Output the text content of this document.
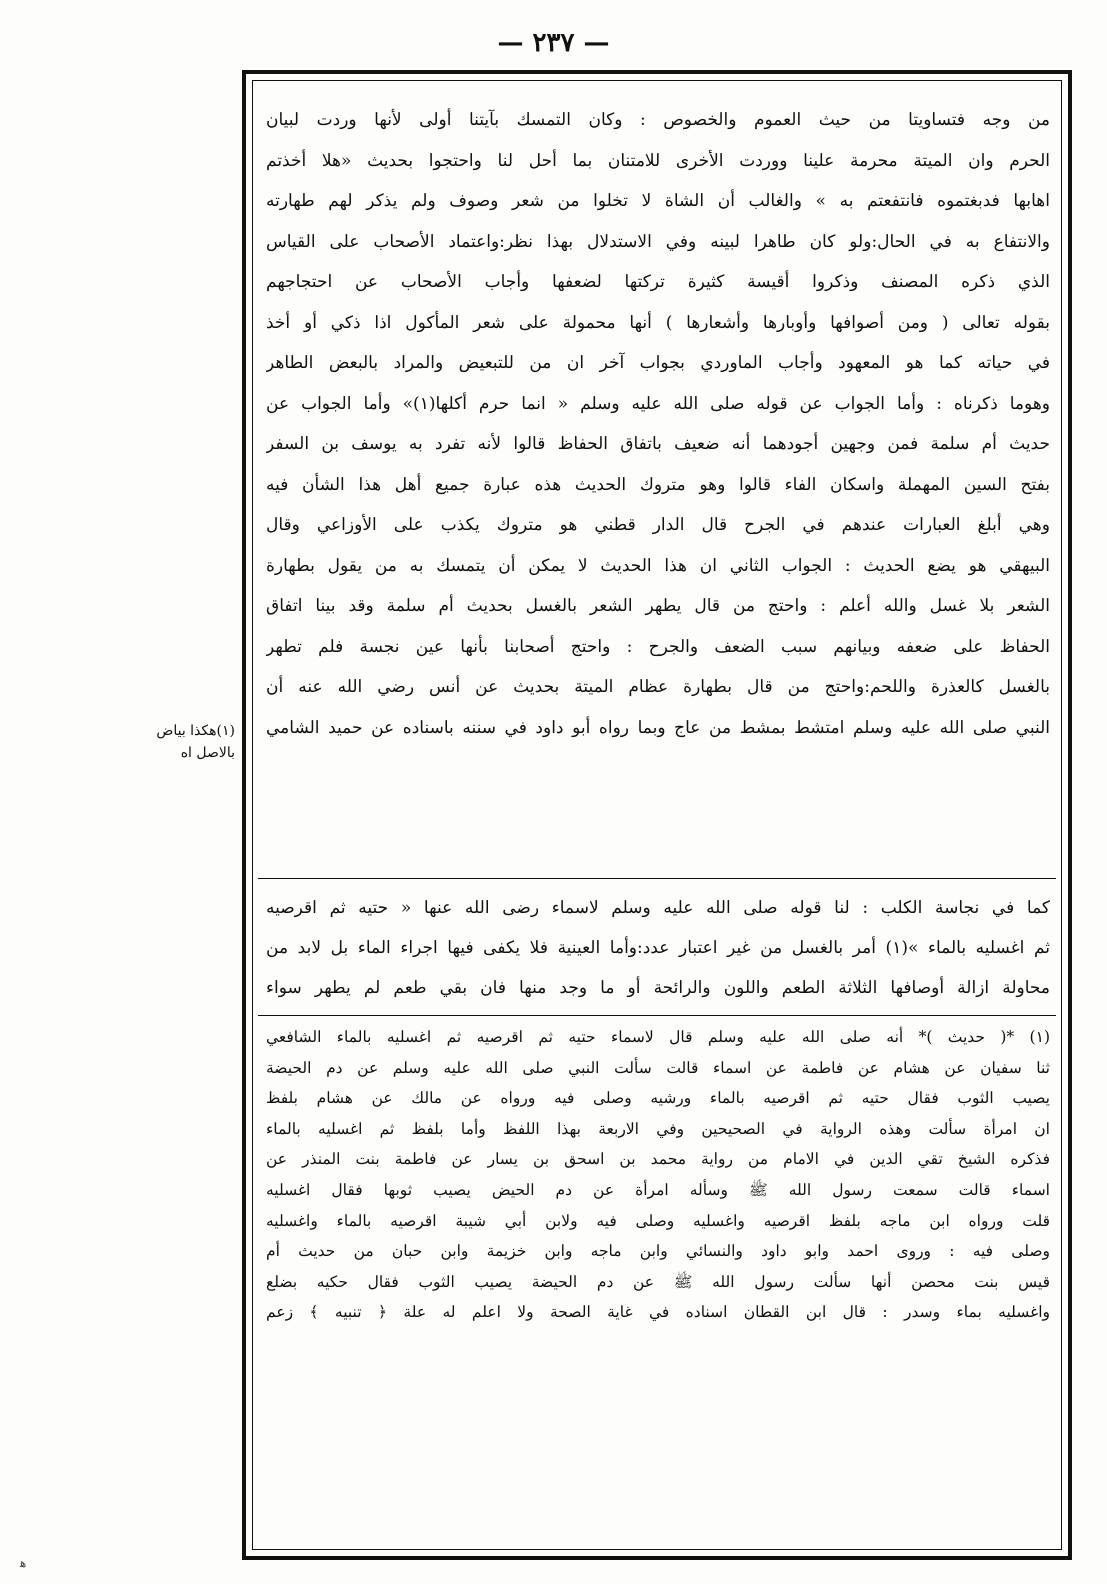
— ٢٣٧ —
من وجه فتساويتا من حيث العموم والخصوص : وكان التمسك بآيتنا أولى لأنها وردت لبيان
الحرم وان الميتة محرمة علينا ووردت الأخرى للامتنان بما أحل لنا واحتجوا بحديث «هلا أخذتم
اهابها فدبغتموه فانتفعتم به » والغالب أن الشاة لا تخلوا من شعر وصوف ولم يذكر لهم طهارته
والانتفاع به في الحال:ولو كان طاهرا لبينه وفي الاستدلال بهذا نظر:واعتماد الأصحاب على القياس
الذي ذكره المصنف وذكروا أقيسة كثيرة تركتها لضعفها وأجاب الأصحاب عن احتجاجهم
بقوله تعالى ( ومن أصوافها وأوبارها وأشعارها ) أنها محمولة على شعر المأكول اذا ذكي أو أخذ
في حياته كما هو المعهود وأجاب الماوردي بجواب آخر ان من للتبعيض والمراد بالبعض الطاهر
وهوما ذكرناه : وأما الجواب عن قوله صلى الله عليه وسلم « انما حرم أكلها(١)» وأما الجواب عن
حديث أم سلمة فمن وجهين أجودهما أنه ضعيف باتفاق الحفاظ قالوا لأنه تفرد به يوسف بن السفر
بفتح السين المهملة واسكان الفاء قالوا وهو متروك الحديث هذه عبارة جميع أهل هذا الشأن فيه
وهي أبلغ العبارات عندهم في الجرح قال الدار قطني هو متروك يكذب على الأوزاعي وقال
البيهقي هو يضع الحديث : الجواب الثاني ان هذا الحديث لا يمكن أن يتمسك به من يقول بطهارة
الشعر بلا غسل والله أعلم : واحتج من قال يطهر الشعر بالغسل بحديث أم سلمة وقد بينا اتفاق
الحفاظ على ضعفه وبيانهم سبب الضعف والجرح : واحتج أصحابنا بأنها عين نجسة فلم تطهر
بالغسل كالعذرة واللحم:واحتج من قال بطهارة عظام الميتة بحديث عن أنس رضي الله عنه أن
النبي صلى الله عليه وسلم امتشط بمشط من عاج وبما رواه أبو داود في سننه باسناده عن حميد الشامي
كما في نجاسة الكلب : لنا قوله صلى الله عليه وسلم لاسماء رضى الله عنها « حتيه ثم اقرصيه
ثم اغسليه بالماء »(١) أمر بالغسل من غير اعتبار عدد:وأما العينية فلا يكفى فيها اجراء الماء بل لابد من
محاولة ازالة أوصافها الثلاثة الطعم واللون والرائحة أو ما وجد منها فان بقي طعم لم يطهر سواء
(١) *( حديث )* أنه صلى الله عليه وسلم قال لاسماء حتيه ثم اقرصيه ثم اغسليه بالماء الشافعي
ثنا سفيان عن هشام عن فاطمة عن اسماء قالت سألت النبي صلى الله عليه وسلم عن دم الحيضة
يصيب الثوب فقال حتيه ثم اقرصيه بالماء ورشيه وصلى فيه ورواه عن مالك عن هشام بلفظ
ان امرأة سألت وهذه الرواية في الصحيحين وفي الاربعة بهذا اللفظ وأما بلفظ ثم اغسليه بالماء
فذكره الشيخ تقي الدين في الامام من رواية محمد بن اسحق بن يسار عن فاطمة بنت المنذر عن
اسماء قالت سمعت رسول الله ﷺ وسأله امرأة عن دم الحيض يصيب ثوبها فقال اغسليه
قلت ورواه ابن ماجه بلفظ اقرصيه واغسليه وصلى فيه ولابن أبي شيبة اقرصيه بالماء واغسليه
وصلى فيه : وروى احمد وابو داود والنسائي وابن ماجه وابن خزيمة وابن حبان من حديث أم
قيس بنت محصن أنها سألت رسول الله ﷺ عن دم الحيضة يصيب الثوب فقال حكيه بضلع
واغسليه بماء وسدر : قال ابن القطان اسناده في غاية الصحة ولا اعلم له علة ﴿ تنبيه ﴾ زعم
(١)هكذا بياض
بالاصل اه
ﻫ
